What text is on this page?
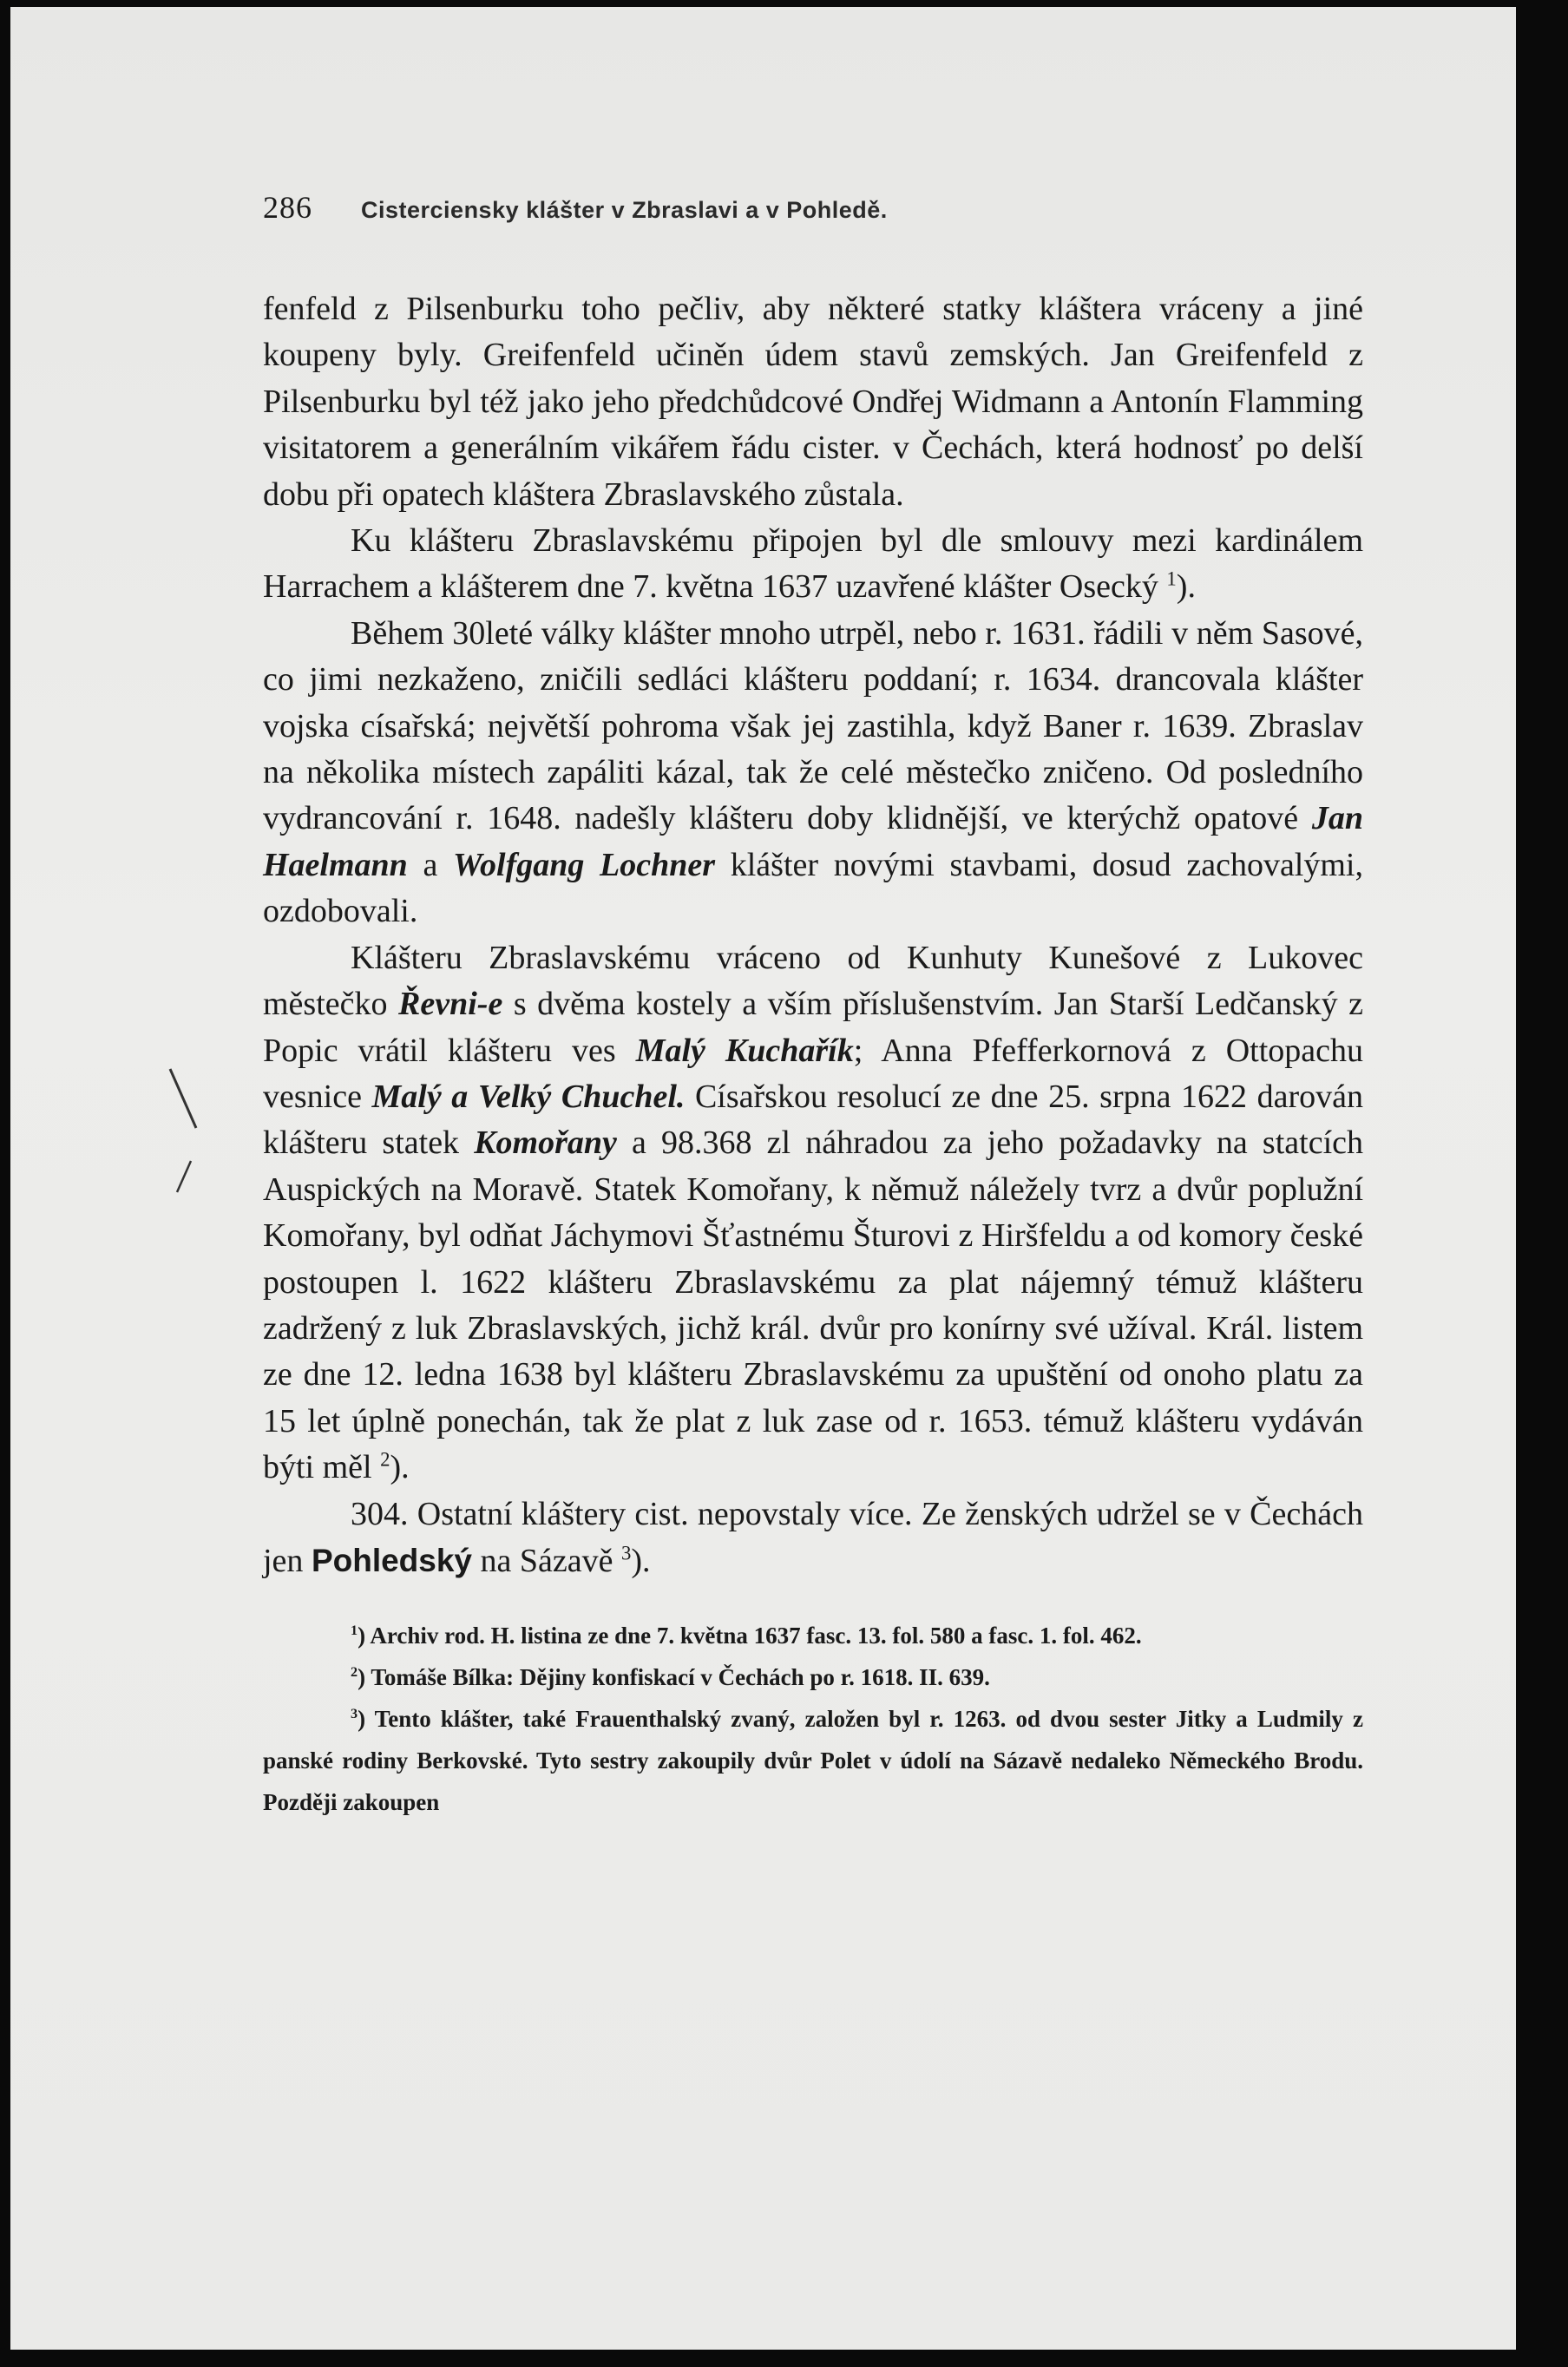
286 Cisterciensky klášter v Zbraslavi a v Pohledě.

fenfeld z Pilsenburku toho pečliv, aby některé statky kláštera vráceny a jiné koupeny byly. Greifenfeld učiněn údem stavů zemských. Jan Greifenfeld z Pilsenburku byl též jako jeho předchůdcové Ondřej Widmann a Antonín Flamming visitatorem a generálním vikářem řádu cister. v Čechách, která hodnosť po delší dobu při opatech kláštera Zbraslavského zůstala.

Ku klášteru Zbraslavskému připojen byl dle smlouvy mezi kardinálem Harrachem a klášterem dne 7. května 1637 uzavřené klášter Osecký $^1$).

Během 30leté války klášter mnoho utrpěl, nebo r. 1631. řádili v něm Sasové, co jimi nezkaženo, zničili sedláci klášteru poddaní; r. 1634. drancovala klášter vojska císařská; největší pohroma však jej zastihla, když Baner r. 1639. Zbraslav na několika místech zapáliti kázal, tak že celé městečko zničeno. Od posledního vydrancování r. 1648. nadešly klášteru doby klidnější, ve kterýchž opatové Jan Haelmann a Wolfgang Lochner klášter novými stavbami, dosud zachovalými, ozdobovali.

Klášteru Zbraslavskému vráceno od Kunhuty Kunešové z Lukovec městečko Řevni-e s dvěma kostely a vším příslušenstvím. Jan Starší Ledčanský z Popic vrátil klášteru ves Malý Kuchařík; Anna Pfefferkornová z Ottopachu vesnice Malý a Velký Chuchel. Císařskou resolucí ze dne 25. srpna 1622 darován klášteru statek Komořany a 98.368 zl náhradou za jeho požadavky na statcích Auspických na Moravě. Statek Komořany, k němuž náležely tvrz a dvůr poplužní Komořany, byl odňat Jáchymovi Šťastnému Šturovi z Hiršfeldu a od komory české postoupen l. 1622 klášteru Zbraslavskému za plat nájemný témuž klášteru zadržený z luk Zbraslavských, jichž král. dvůr pro konírny své užíval. Král. listem ze dne 12. ledna 1638 byl klášteru Zbraslavskému za upuštění od onoho platu za 15 let úplně ponechán, tak že plat z luk zase od r. 1653. témuž klášteru vydáván býti měl $^2$).

304. Ostatní kláštery cist. nepovstaly více. Ze ženských udržel se v Čechách jen Pohledský na Sázavě $^3$).

$^1$) Archiv rod. H. listina ze dne 7. května 1637 fasc. 13. fol. 580 a fasc. 1. fol. 462.

$^2$) Tomáše Bílka: Dějiny konfiskací v Čechách po r. 1618. II. 639.

$^3$) Tento klášter, také Frauenthalský zvaný, založen byl r. 1263. od dvou sester Jitky a Ludmily z panské rodiny Berkovské. Tyto sestry zakoupily dvůr Polet v údolí na Sázavě nedaleko Německého Brodu. Později zakoupen
